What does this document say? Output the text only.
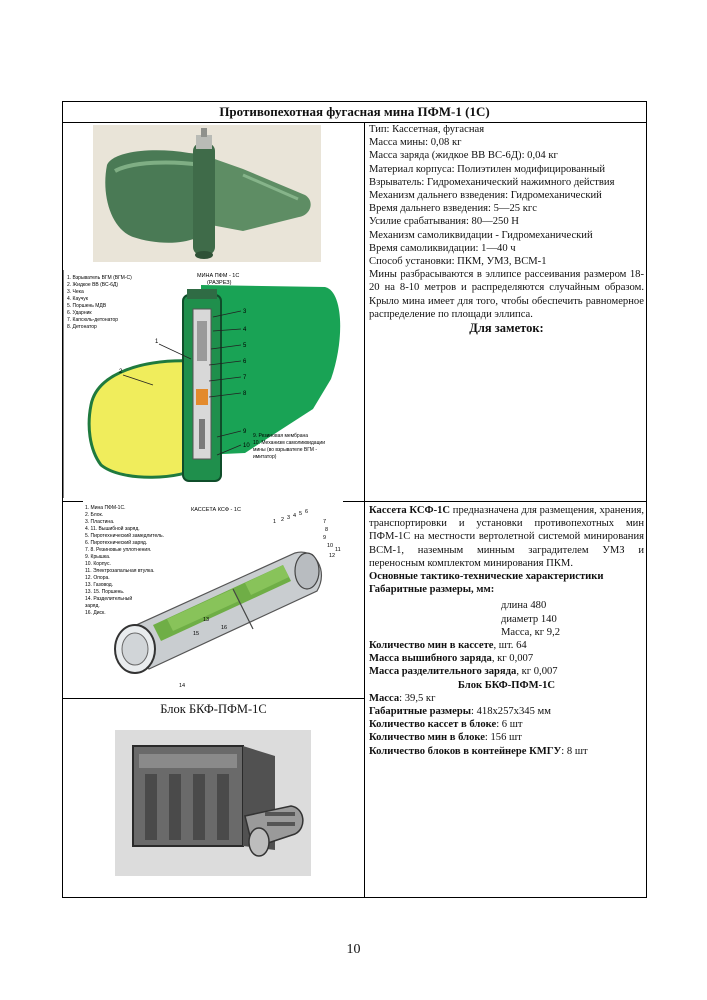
Противопехотная фугасная мина ПФМ-1 (1С)
1. Взрыватель ВГМ (ВГМ-С)
2. Жидкое ВВ (ВС-6Д)
3. Чека
4. Каучук
5. Поршень МДВ
6. Ударник
7. Капсюль-детонатор
8. Детонатор
МИНА ПФМ - 1С
(РАЗРЕЗ)
1
2
3
4
5
6
7
8
9
10
9. Резиновая мембрана
10. Механизм самоликвидации
мины (во взрывателе ВГМ -
имитатор)

Тип: Кассетная, фугасная

Масса мины: 0,08 кг

Масса заряда (жидкое ВВ ВС-6Д): 0,04 кг

Материал корпуса: Полиэтилен модифицированный

Взрыватель: Гидромеханический нажимного действия

Механизм дальнего взведения: Гидромеханический

Время дальнего взведения: 5—25 кгс

Усилие срабатывания: 80—250 Н

Механизм самоликвидации - Гидромеханический

Время самоликвидации: 1—40 ч

Способ установки: ПКМ, УМЗ, ВСМ-1

Мины разбрасываются в эллипсе рассеивания размером 18-20 на 8-10 метров и распределяются случайным образом. Крыло мина имеет для того, чтобы обеспечить равномерное распределение по площади эллипса.

Для заметок:

1. Мина ПФМ-1С.
2. Блок.
3. Пластина.
4. 11. Вышибной заряд.
5. Пиротехнический замедлитель.
6. Пиротехнический заряд.
7. 8. Резиновые уплотнения.
9. Крышка.
10. Корпус.
11. Электрозапальная втулка.
12. Опора.
13. Газовод.
13. 15. Поршень.
14. Разделительный
заряд.
16. Диск.
КАССЕТА КСФ - 1С
1 2 3 4 5 6
7
8
9
10
11
12
13
14
15
16

Кассета КСФ-1С предназначена для размещения, хранения, транспортировки и установки противопехотных мин ПФМ-1С на местности вертолетной системой минирования ВСМ-1, наземным минным заградителем УМЗ и переносным комплектом минирования ПКМ.

Основные тактико-технические характеристики

Габаритные размеры, мм:

длина 480

диаметр 140

Масса, кг 9,2

Количество мин в кассете, шт. 64

Масса вышибного заряда, кг 0,007

Масса разделительного заряда, кг 0,007

Блок БКФ-ПФМ-1С

Масса: 39,5 кг

Габаритные размеры: 418х257х345 мм

Количество кассет в блоке: 6 шт

Количество мин в блоке: 156 шт

Количество блоков в контейнере КМГУ: 8 шт

Блок БКФ-ПФМ-1С
10
